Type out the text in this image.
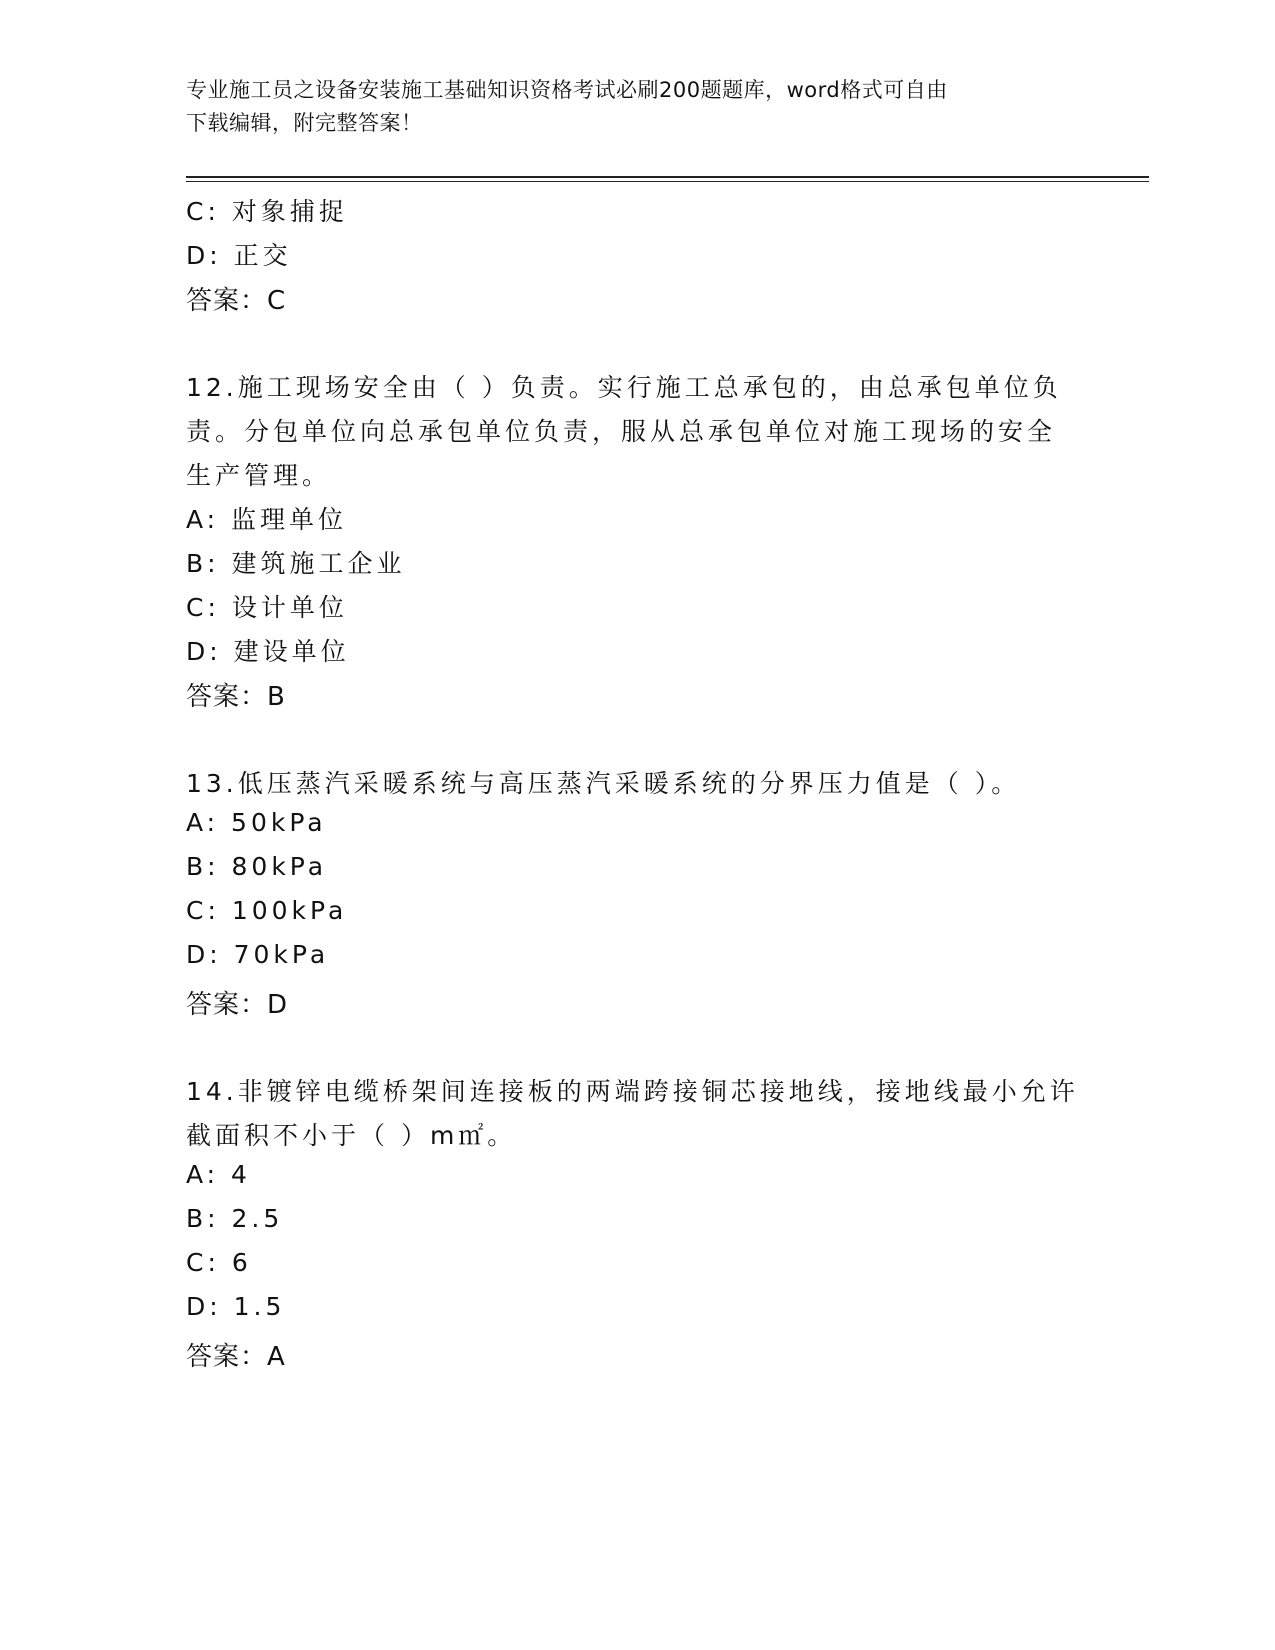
专业施工员之设备安装施工基础知识资格考试必刷200题题库，word格式可自由
下载编辑，附完整答案！
C: 对象捕捉
D: 正交
答案：C
12.施工现场安全由（ ）负责。实行施工总承包的，由总承包单位负
责。分包单位向总承包单位负责，服从总承包单位对施工现场的安全
生产管理。
A: 监理单位
B: 建筑施工企业
C: 设计单位
D: 建设单位
答案：B
13.低压蒸汽采暖系统与高压蒸汽采暖系统的分界压力值是（ ）。
A: 50kPa
B: 80kPa
C: 100kPa
D: 70kPa
答案：D
14.非镀锌电缆桥架间连接板的两端跨接铜芯接地线，接地线最小允许
截面积不小于（ ）m㎡。
A: 4
B: 2.5
C: 6
D: 1.5
答案：A
